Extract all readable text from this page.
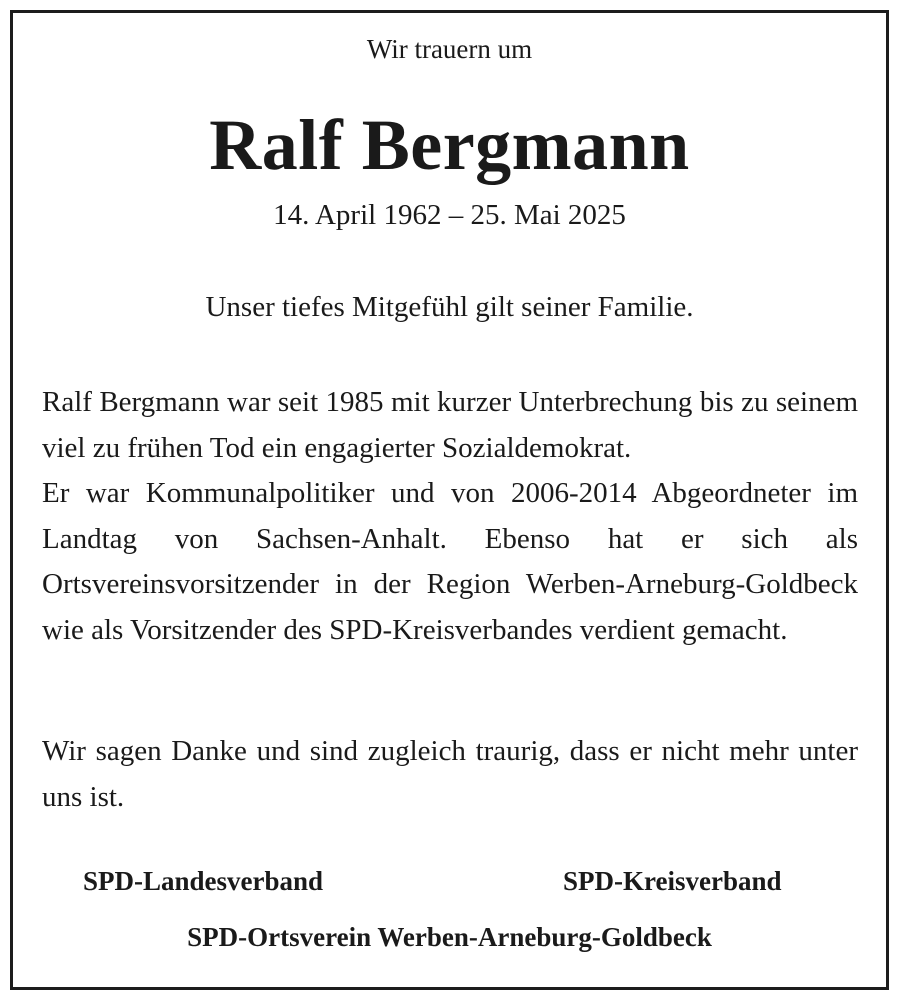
Wir trauern um

Ralf Bergmann

14. April 1962 – 25. Mai 2025

Unser tiefes Mitgefühl gilt seiner Familie.

Ralf Bergmann war seit 1985 mit kurzer Unterbrechung bis zu seinem viel zu frühen Tod ein engagierter Sozialdemokrat.
Er war Kommunalpolitiker und von 2006-2014 Abgeordneter im Landtag von Sachsen-Anhalt. Ebenso hat er sich als Ortsvereinsvorsitzender in der Region Werben-Arneburg-Goldbeck wie als Vorsitzender des SPD-Kreisverbandes verdient gemacht.

Wir sagen Danke und sind zugleich traurig, dass er nicht mehr unter uns ist.

SPD-Landesverband	SPD-Kreisverband

SPD-Ortsverein Werben-Arneburg-Goldbeck
